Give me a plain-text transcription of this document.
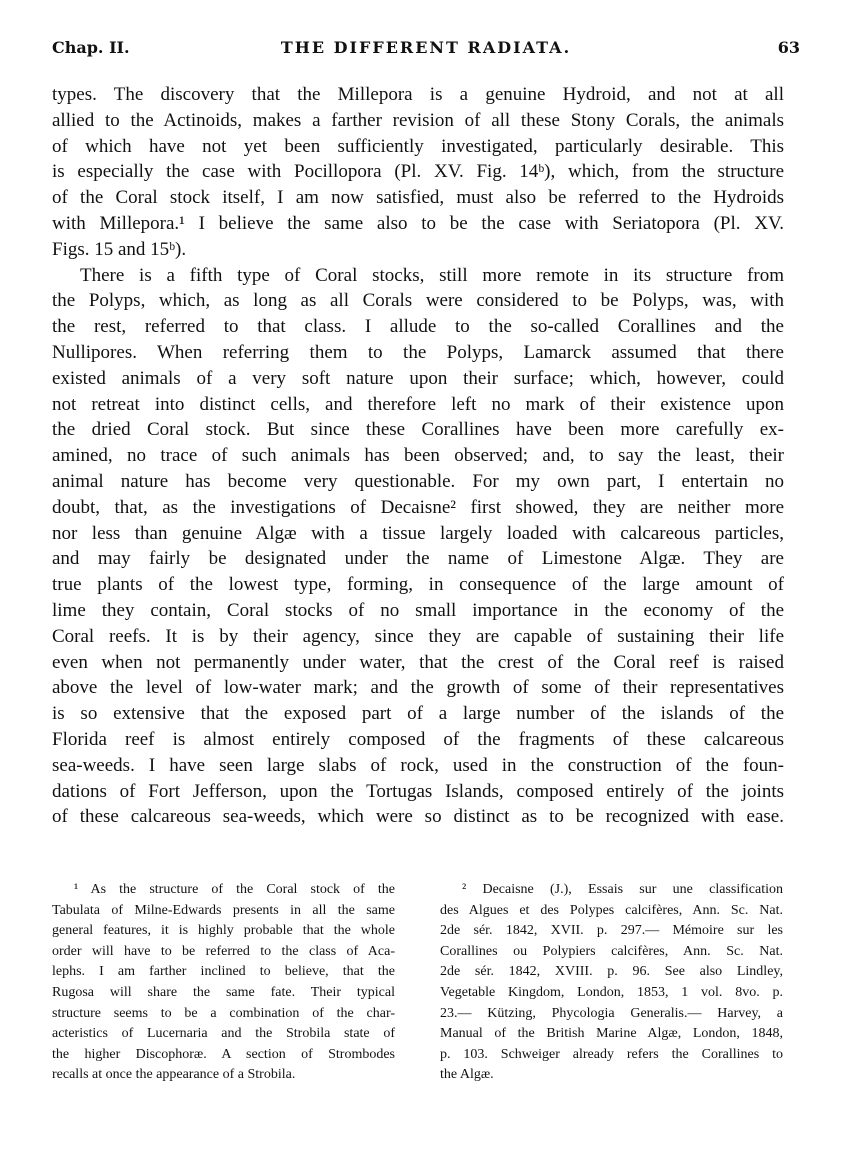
Chap. II.	THE DIFFERENT RADIATA.	63

types. The discovery that the Millepora is a genuine Hydroid, and not at all
allied to the Actinoids, makes a farther revision of all these Stony Corals, the animals
of which have not yet been sufficiently investigated, particularly desirable. This
is especially the case with Pocillopora (Pl. XV. Fig. 14ᵇ), which, from the structure
of the Coral stock itself, I am now satisfied, must also be referred to the Hydroids
with Millepora.¹ I believe the same also to be the case with Seriatopora (Pl. XV.
Figs. 15 and 15ᵇ).

There is a fifth type of Coral stocks, still more remote in its structure from
the Polyps, which, as long as all Corals were considered to be Polyps, was, with
the rest, referred to that class. I allude to the so-called Corallines and the
Nullipores. When referring them to the Polyps, Lamarck assumed that there
existed animals of a very soft nature upon their surface; which, however, could
not retreat into distinct cells, and therefore left no mark of their existence upon
the dried Coral stock. But since these Corallines have been more carefully ex-
amined, no trace of such animals has been observed; and, to say the least, their
animal nature has become very questionable. For my own part, I entertain no
doubt, that, as the investigations of Decaisne² first showed, they are neither more
nor less than genuine Algæ with a tissue largely loaded with calcareous particles,
and may fairly be designated under the name of Limestone Algæ. They are
true plants of the lowest type, forming, in consequence of the large amount of
lime they contain, Coral stocks of no small importance in the economy of the
Coral reefs. It is by their agency, since they are capable of sustaining their life
even when not permanently under water, that the crest of the Coral reef is raised
above the level of low-water mark; and the growth of some of their representatives
is so extensive that the exposed part of a large number of the islands of the
Florida reef is almost entirely composed of the fragments of these calcareous
sea-weeds. I have seen large slabs of rock, used in the construction of the foun-
dations of Fort Jefferson, upon the Tortugas Islands, composed entirely of the joints
of these calcareous sea-weeds, which were so distinct as to be recognized with ease.

¹ As the structure of the Coral stock of the
Tabulata of Milne-Edwards presents in all the same
general features, it is highly probable that the whole
order will have to be referred to the class of Aca-
lephs. I am farther inclined to believe, that the
Rugosa will share the same fate. Their typical
structure seems to be a combination of the char-
acteristics of Lucernaria and the Strobila state of
the higher Discophoræ. A section of Strombodes
recalls at once the appearance of a Strobila.
² Decaisne (J.), Essais sur une classification
des Algues et des Polypes calcifères, Ann. Sc. Nat.
2de sér. 1842, XVII. p. 297.— Mémoire sur les
Corallines ou Polypiers calcifères, Ann. Sc. Nat.
2de sér. 1842, XVIII. p. 96. See also Lindley,
Vegetable Kingdom, London, 1853, 1 vol. 8vo. p.
23.— Kützing, Phycologia Generalis.— Harvey, a
Manual of the British Marine Algæ, London, 1848,
p. 103. Schweiger already refers the Corallines to
the Algæ.
